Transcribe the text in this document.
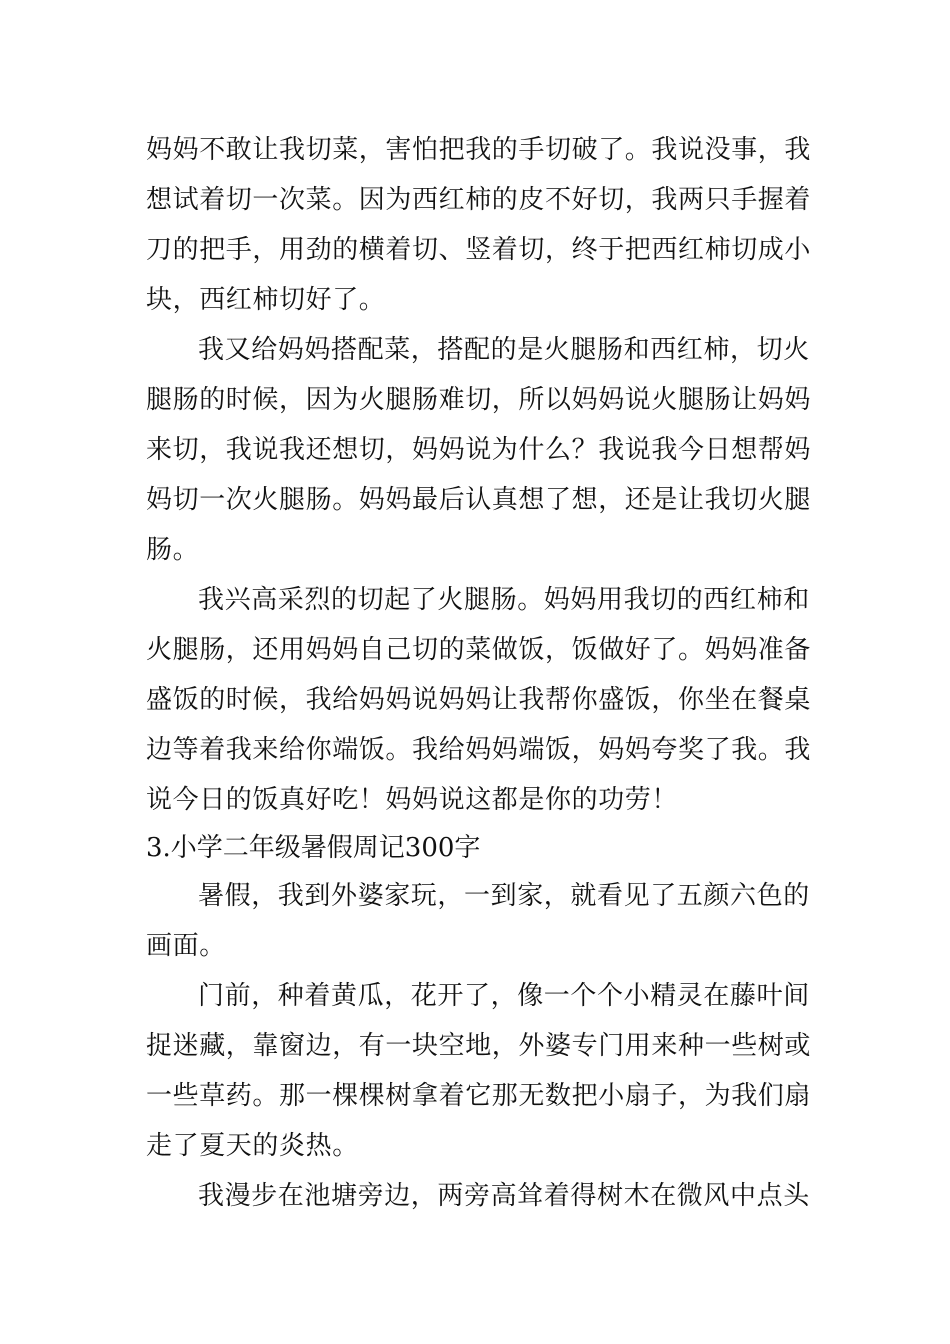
妈妈不敢让我切菜，害怕把我的手切破了。我说没事，我
想试着切一次菜。因为西红柿的皮不好切，我两只手握着
刀的把手，用劲的横着切、竖着切，终于把西红柿切成小
块，西红柿切好了。
我又给妈妈搭配菜，搭配的是火腿肠和西红柿，切火
腿肠的时候，因为火腿肠难切，所以妈妈说火腿肠让妈妈
来切，我说我还想切，妈妈说为什么？我说我今日想帮妈
妈切一次火腿肠。妈妈最后认真想了想，还是让我切火腿
肠。
我兴高采烈的切起了火腿肠。妈妈用我切的西红柿和
火腿肠，还用妈妈自己切的菜做饭，饭做好了。妈妈准备
盛饭的时候，我给妈妈说妈妈让我帮你盛饭，你坐在餐桌
边等着我来给你端饭。我给妈妈端饭，妈妈夸奖了我。我
说今日的饭真好吃！妈妈说这都是你的功劳！
3.小学二年级暑假周记300字
暑假，我到外婆家玩，一到家，就看见了五颜六色的
画面。
门前，种着黄瓜，花开了，像一个个小精灵在藤叶间
捉迷藏，靠窗边，有一块空地，外婆专门用来种一些树或
一些草药。那一棵棵树拿着它那无数把小扇子，为我们扇
走了夏天的炎热。
我漫步在池塘旁边，两旁高耸着得树木在微风中点头
